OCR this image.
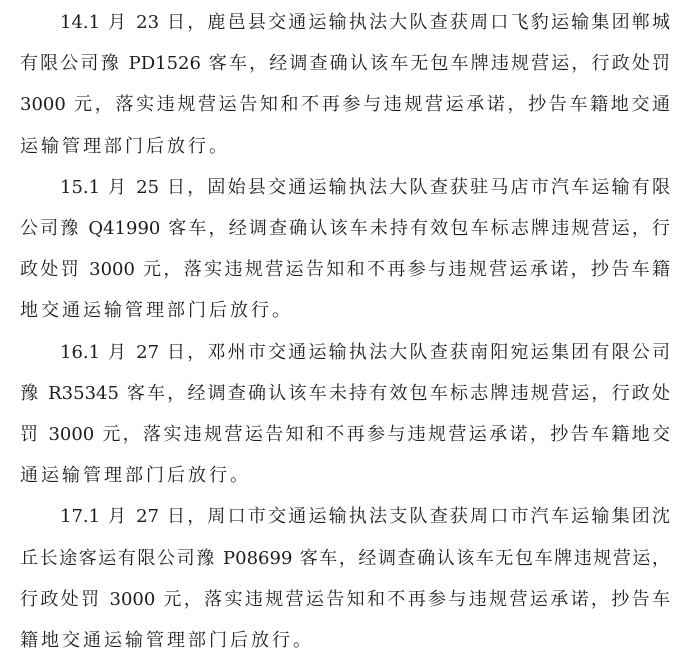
14.1 月 23 日，鹿邑县交通运输执法大队查获周口飞豹运输集团郸城
有限公司豫 PD1526 客车，经调查确认该车无包车牌违规营运，行政处罚
3000 元，落实违规营运告知和不再参与违规营运承诺，抄告车籍地交通
运输管理部门后放行。
15.1 月 25 日，固始县交通运输执法大队查获驻马店市汽车运输有限
公司豫 Q41990 客车，经调查确认该车未持有效包车标志牌违规营运，行
政处罚 3000 元，落实违规营运告知和不再参与违规营运承诺，抄告车籍
地交通运输管理部门后放行。
16.1 月 27 日，邓州市交通运输执法大队查获南阳宛运集团有限公司
豫 R35345 客车，经调查确认该车未持有效包车标志牌违规营运，行政处
罚 3000 元，落实违规营运告知和不再参与违规营运承诺，抄告车籍地交
通运输管理部门后放行。
17.1 月 27 日，周口市交通运输执法支队查获周口市汽车运输集团沈
丘长途客运有限公司豫 P08699 客车，经调查确认该车无包车牌违规营运，
行政处罚 3000 元，落实违规营运告知和不再参与违规营运承诺，抄告车
籍地交通运输管理部门后放行。
